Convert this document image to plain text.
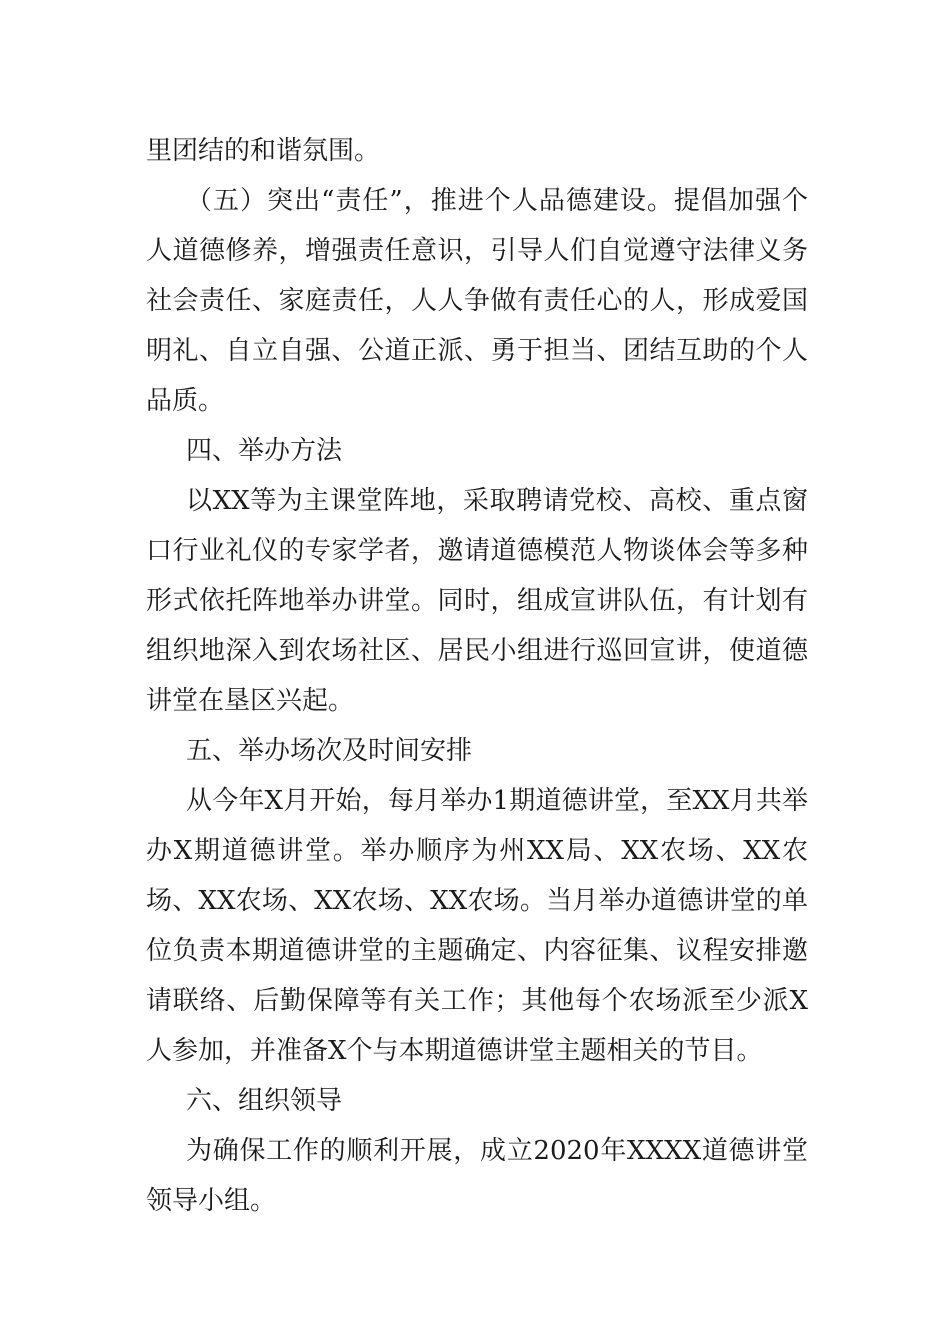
里团结的和谐氛围。

（五）突出“责任”，推进个人品德建设。提倡加强个人道德修养，增强责任意识，引导人们自觉遵守法律义务社会责任、家庭责任，人人争做有责任心的人，形成爱国明礼、自立自强、公道正派、勇于担当、团结互助的个人品质。

四、举办方法

以XX等为主课堂阵地，采取聘请党校、高校、重点窗口行业礼仪的专家学者，邀请道德模范人物谈体会等多种形式依托阵地举办讲堂。同时，组成宣讲队伍，有计划有组织地深入到农场社区、居民小组进行巡回宣讲，使道德讲堂在垦区兴起。

五、举办场次及时间安排

从今年X月开始，每月举办1期道德讲堂，至XX月共举办X期道德讲堂。举办顺序为州XX局、XX农场、XX农场、XX农场、XX农场、XX农场。当月举办道德讲堂的单位负责本期道德讲堂的主题确定、内容征集、议程安排邀请联络、后勤保障等有关工作；其他每个农场派至少派X人参加，并准备X个与本期道德讲堂主题相关的节目。

六、组织领导

为确保工作的顺利开展，成立2020年XXXX道德讲堂领导小组。
